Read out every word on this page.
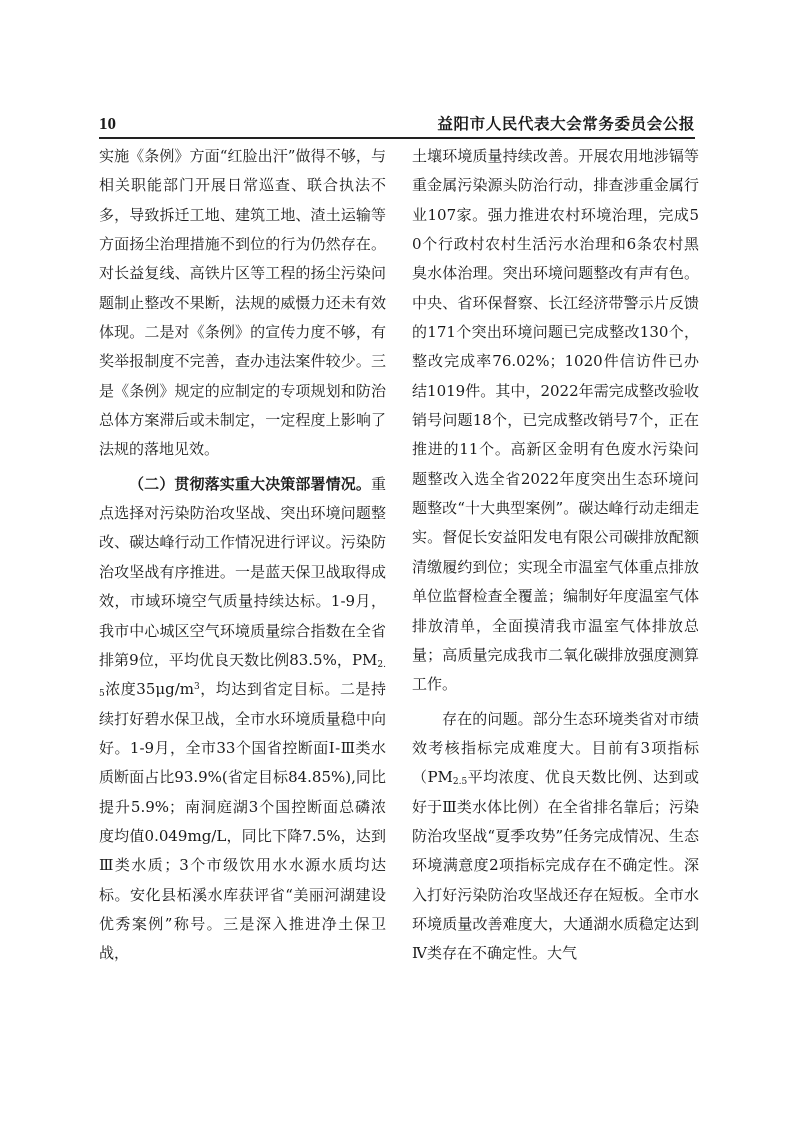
10	益阳市人民代表大会常务委员会公报

实施《条例》方面“红脸出汗”做得不够，与相关职能部门开展日常巡查、联合执法不多，导致拆迁工地、建筑工地、渣土运输等方面扬尘治理措施不到位的行为仍然存在。对长益复线、高铁片区等工程的扬尘污染问题制止整改不果断，法规的威慑力还未有效体现。二是对《条例》的宣传力度不够，有奖举报制度不完善，查办违法案件较少。三是《条例》规定的应制定的专项规划和防治总体方案滞后或未制定，一定程度上影响了法规的落地见效。

（二）贯彻落实重大决策部署情况。重点选择对污染防治攻坚战、突出环境问题整改、碳达峰行动工作情况进行评议。污染防治攻坚战有序推进。一是蓝天保卫战取得成效，市域环境空气质量持续达标。1-9月，我市中心城区空气环境质量综合指数在全省排第9位，平均优良天数比例83.5%，$PM_{2.5}$浓度$35\mu g/m^3$，均达到省定目标。二是持续打好碧水保卫战，全市水环境质量稳中向好。1-9月，全市33个国省控断面Ⅰ-Ⅲ类水质断面占比93.9%(省定目标84.85%),同比提升5.9%；南洞庭湖3个国控断面总磷浓度均值0.049mg/L，同比下降7.5%，达到Ⅲ类水质；3个市级饮用水水源水质均达标。安化县柘溪水库获评省“美丽河湖建设优秀案例”称号。三是深入推进净土保卫战，

土壤环境质量持续改善。开展农用地涉镉等重金属污染源头防治行动，排查涉重金属行业107家。强力推进农村环境治理，完成50个行政村农村生活污水治理和6条农村黑臭水体治理。突出环境问题整改有声有色。中央、省环保督察、长江经济带警示片反馈的171个突出环境问题已完成整改130个，整改完成率76.02%；1020件信访件已办结1019件。其中，2022年需完成整改验收销号问题18个，已完成整改销号7个，正在推进的11个。高新区金明有色废水污染问题整改入选全省2022年度突出生态环境问题整改“十大典型案例”。碳达峰行动走细走实。督促长安益阳发电有限公司碳排放配额清缴履约到位；实现全市温室气体重点排放单位监督检查全覆盖；编制好年度温室气体排放清单，全面摸清我市温室气体排放总量；高质量完成我市二氧化碳排放强度测算工作。

存在的问题。部分生态环境类省对市绩效考核指标完成难度大。目前有3项指标（$PM_{2.5}$平均浓度、优良天数比例、达到或好于Ⅲ类水体比例）在全省排名靠后；污染防治攻坚战“夏季攻势”任务完成情况、生态环境满意度2项指标完成存在不确定性。深入打好污染防治攻坚战还存在短板。全市水环境质量改善难度大，大通湖水质稳定达到Ⅳ类存在不确定性。大气
